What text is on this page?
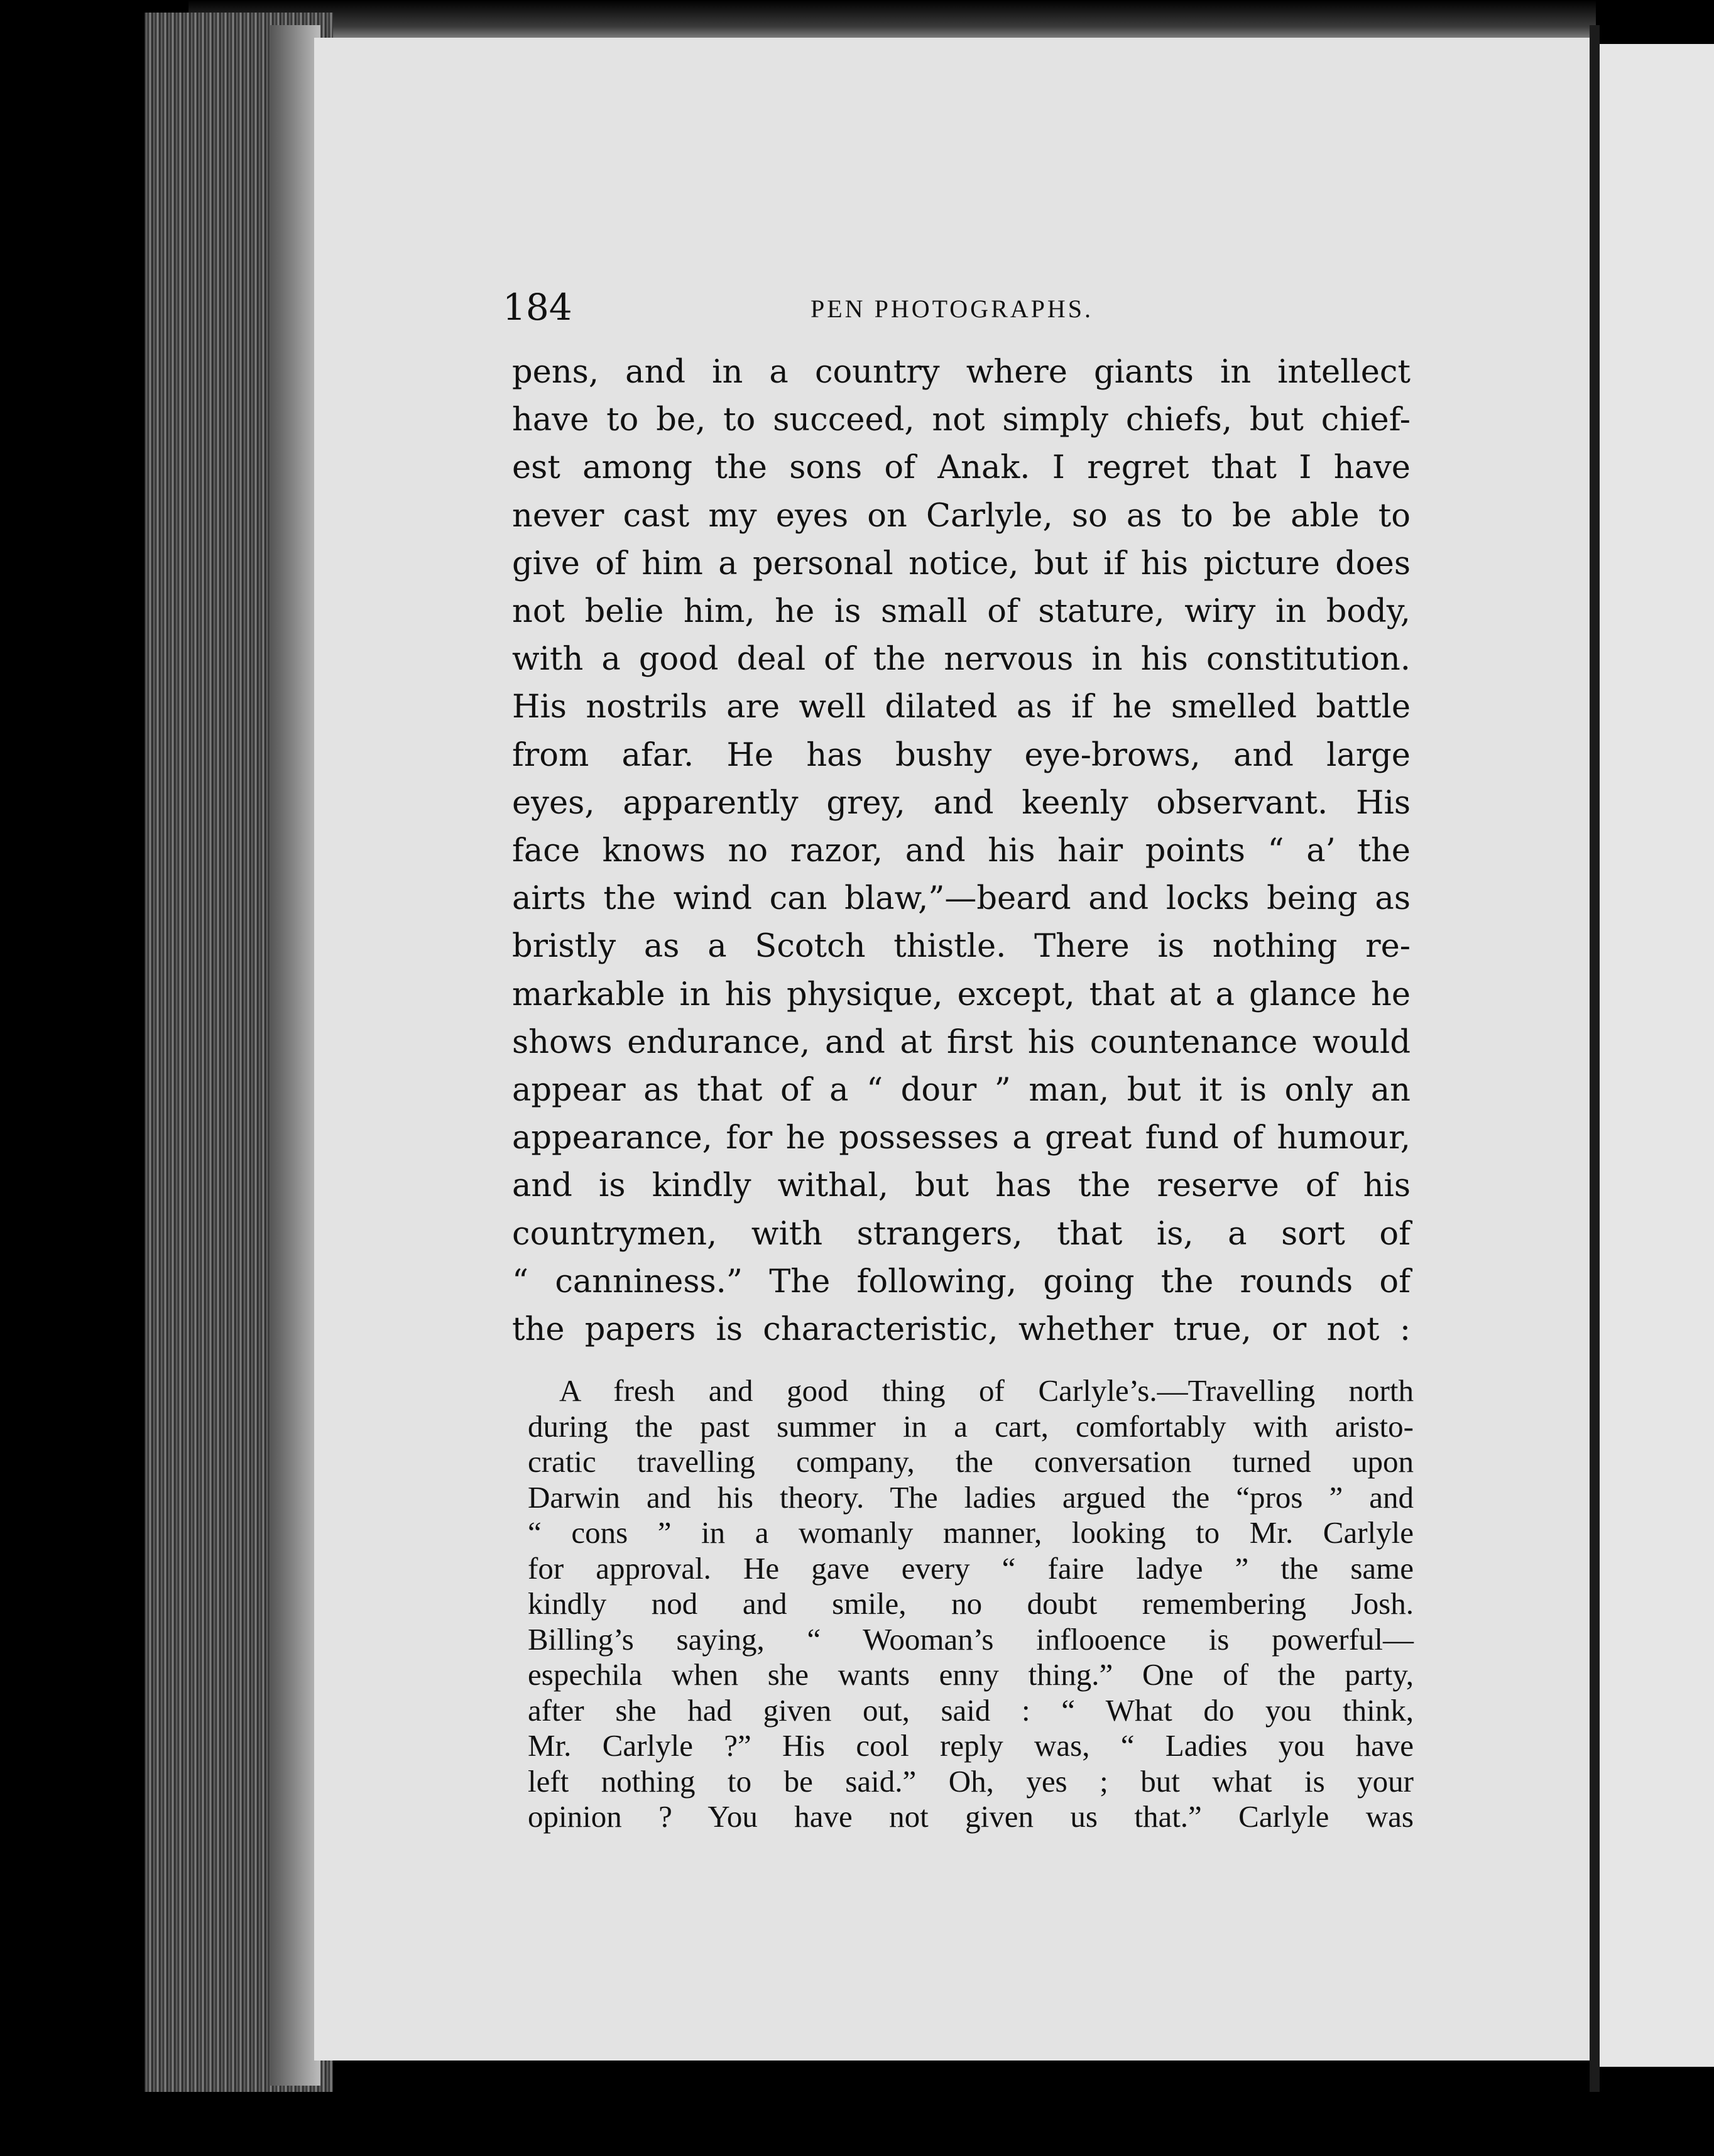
184	PEN PHOTOGRAPHS.
pens, and in a country where giants in intellect
have to be, to succeed, not simply chiefs, but chief-
est among the sons of Anak. I regret that I have
never cast my eyes on Carlyle, so as to be able to
give of him a personal notice, but if his picture does
not belie him, he is small of stature, wiry in body,
with a good deal of the nervous in his constitution.
His nostrils are well dilated as if he smelled battle
from afar. He has bushy eye-brows, and large
eyes, apparently grey, and keenly observant. His
face knows no razor, and his hair points “ a’ the
airts the wind can blaw,”—beard and locks being as
bristly as a Scotch thistle. There is nothing re-
markable in his physique, except, that at a glance he
shows endurance, and at first his countenance would
appear as that of a “ dour ” man, but it is only an
appearance, for he possesses a great fund of humour,
and is kindly withal, but has the reserve of his
countrymen, with strangers, that is, a sort of
“ canniness.” The following, going the rounds of
the papers is characteristic, whether true, or not :
A fresh and good thing of Carlyle’s.—Travelling north
during the past summer in a cart, comfortably with aristo-
cratic travelling company, the conversation turned upon
Darwin and his theory. The ladies argued the “pros ” and
“ cons ” in a womanly manner, looking to Mr. Carlyle
for approval. He gave every “ faire ladye ” the same
kindly nod and smile, no doubt remembering Josh.
Billing’s saying, “ Wooman’s inflooence is powerful—
espechila when she wants enny thing.” One of the party,
after she had given out, said : “ What do you think,
Mr. Carlyle ?” His cool reply was, “ Ladies you have
left nothing to be said.” Oh, yes ; but what is your
opinion ? You have not given us that.” Carlyle was
